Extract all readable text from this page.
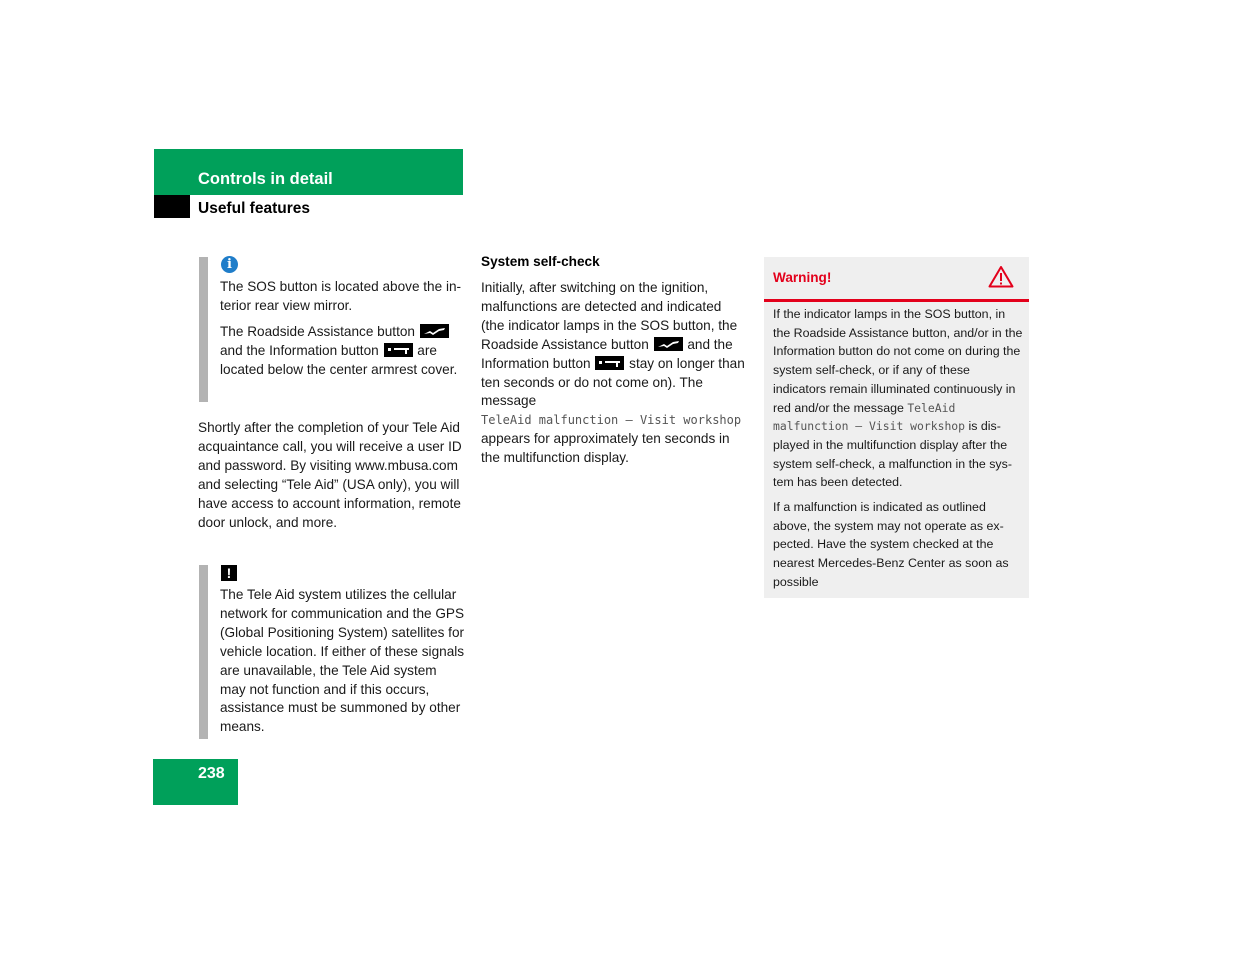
Controls in detail
Useful features
i

The SOS button is located above the interior rear view mirror.

The Roadside Assistance button
and the Information button	are located below the center armrest cover.

Shortly after the completion of your Tele Aid acquaintance call, you will receive a user ID and password. By visiting www.mbusa.com and selecting “Tele Aid” (USA only), you will have access to account information, remote door unlock, and more.
!
The Tele Aid system utilizes the cellular network for communication and the GPS (Global Positioning System) satellites for vehicle location. If either of these signals are unavailable, the Tele Aid system may not function and if this occurs, assistance must be summoned by other means.
System self-check
Initially, after switching on the ignition, malfunctions are detected and indicated (the indicator lamps in the SOS button, the Roadside Assistance button	and the Information button	stay on longer than ten seconds or do not come on). The message
TeleAid malfunction – Visit workshop
appears for approximately ten seconds in the multifunction display.
Warning!

If the indicator lamps in the SOS button, in the Roadside Assistance button, and/or in the Information button do not come on during the system self-check, or if any of these indicators remain illuminated continuously in red and/or the message TeleAid malfunction – Visit workshop is displayed in the multifunction display after the system self-check, a malfunction in the system has been detected.

If a malfunction is indicated as outlined above, the system may not operate as expected. Have the system checked at the nearest Mercedes-Benz Center as soon as possible

238
